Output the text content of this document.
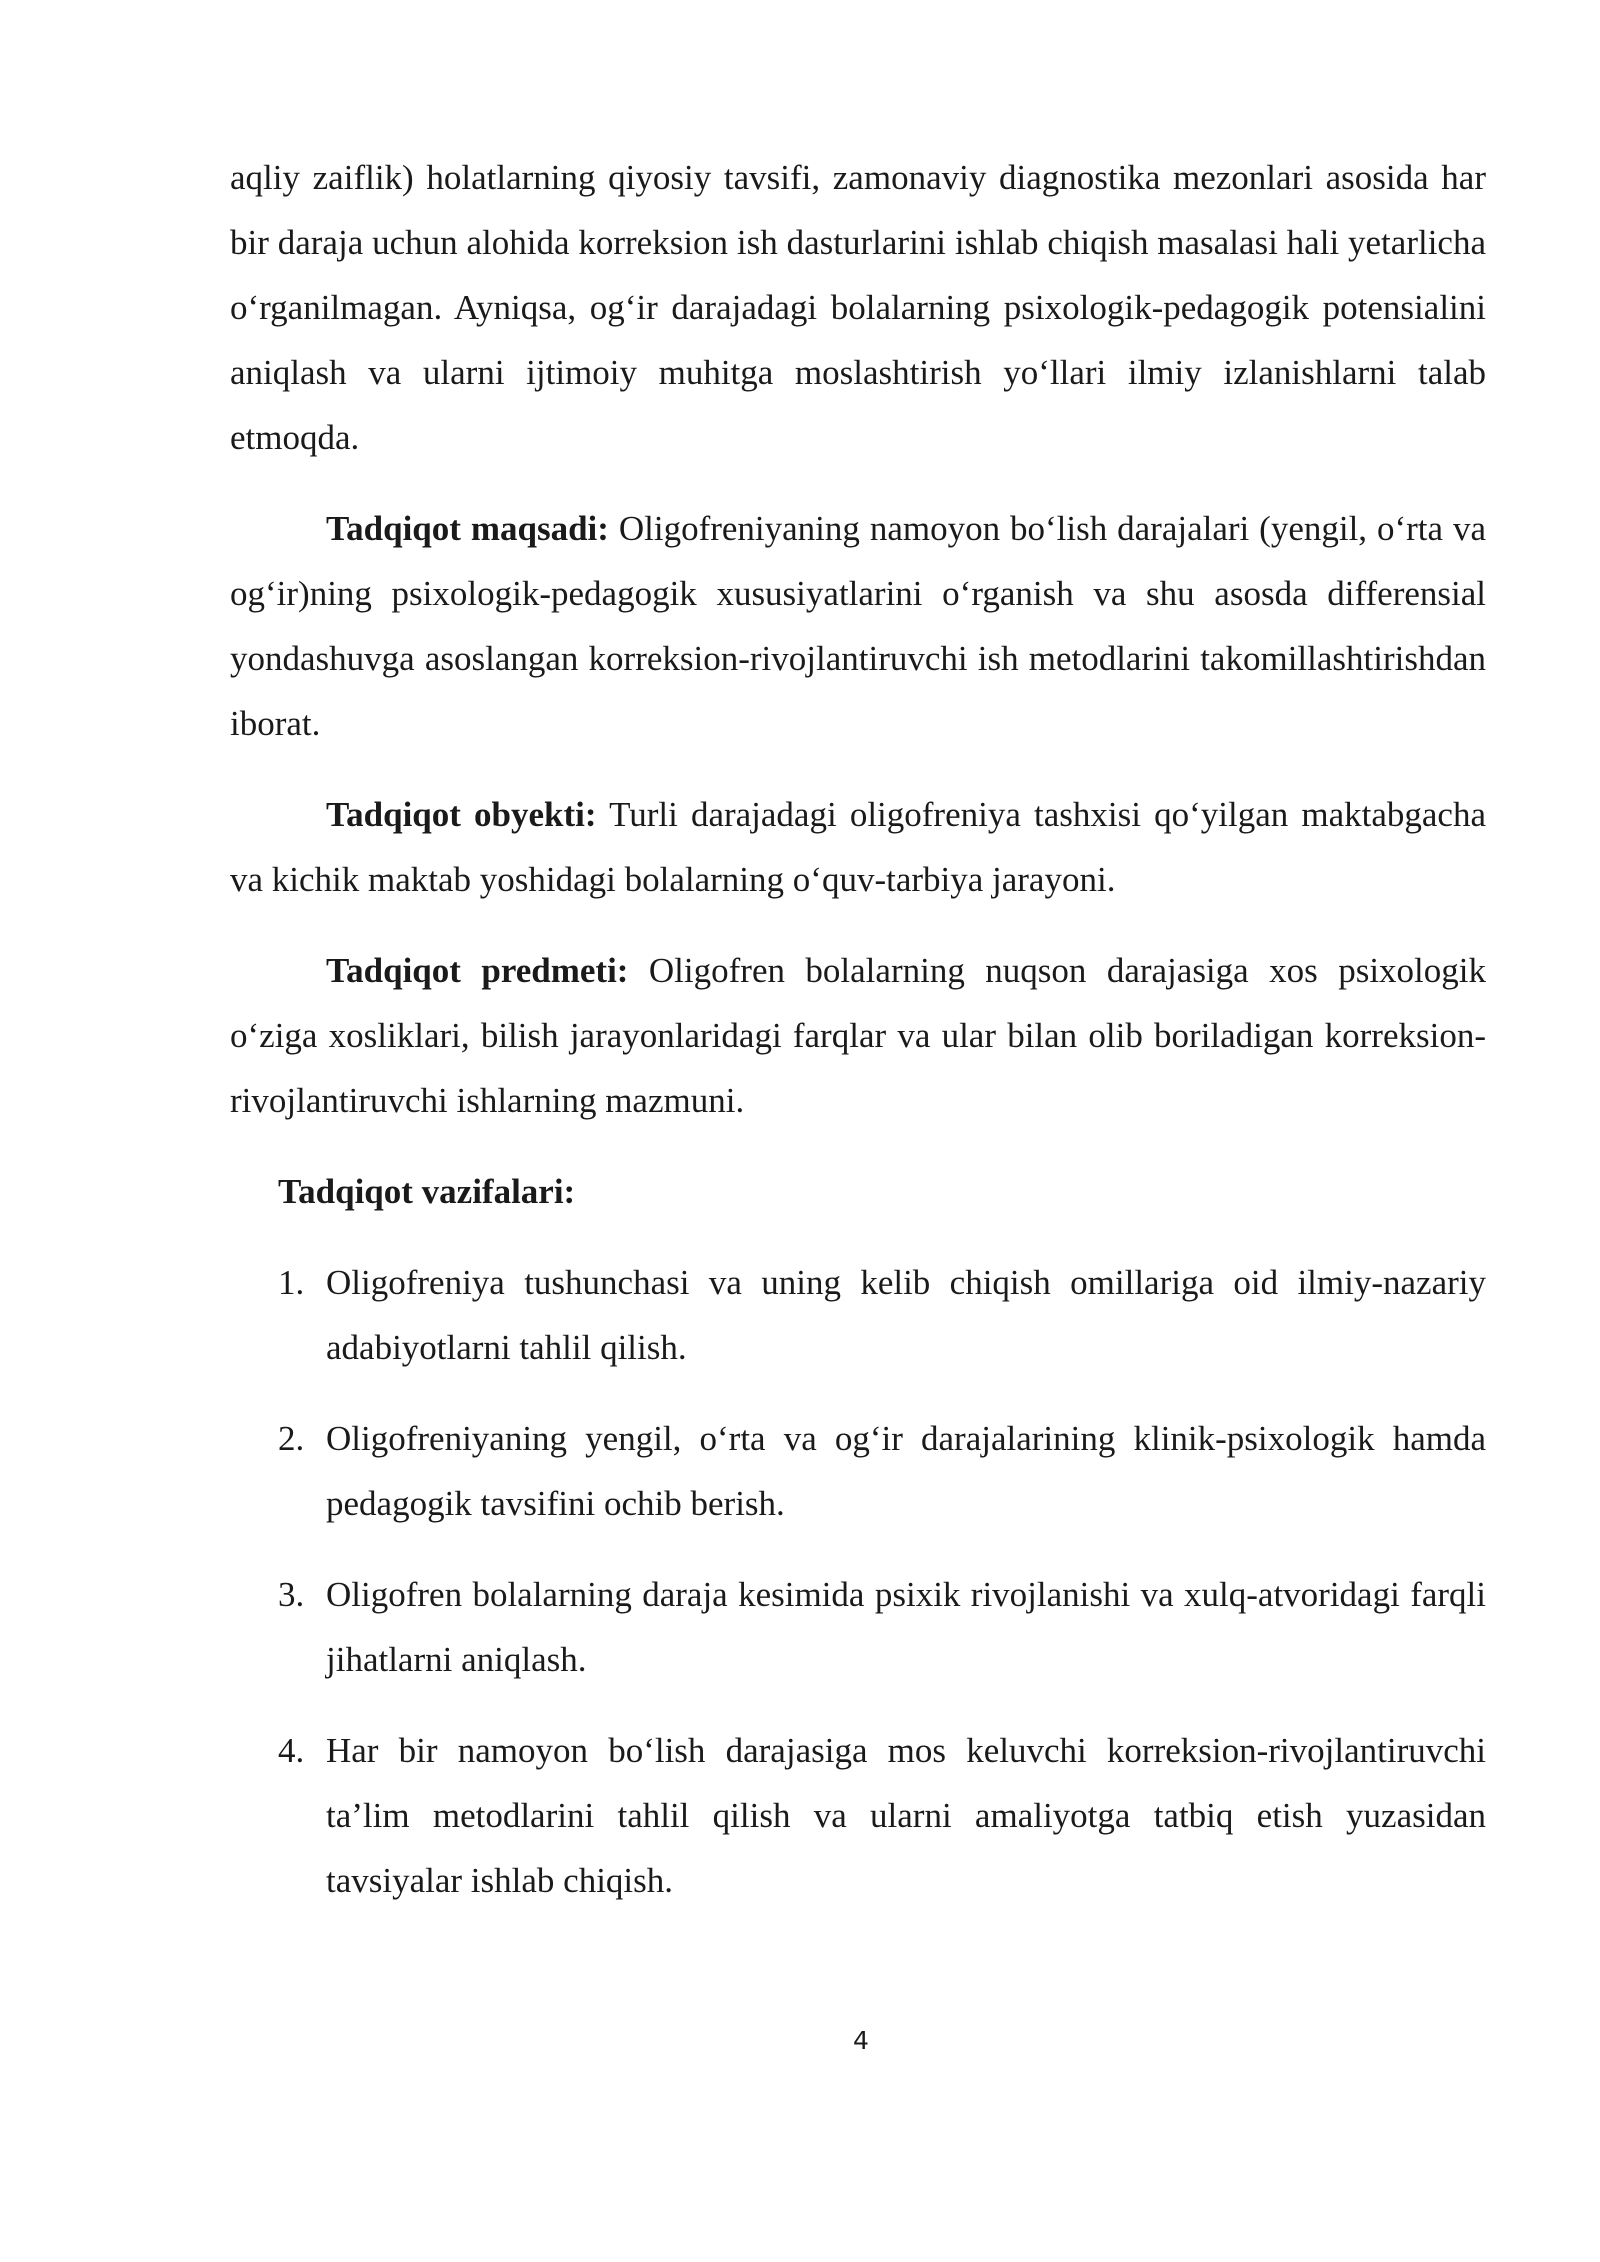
aqliy zaiflik) holatlarning qiyosiy tavsifi, zamonaviy diagnostika mezonlari asosida har bir daraja uchun alohida korreksion ish dasturlarini ishlab chiqish masalasi hali yetarlicha o‘rganilmagan. Ayniqsa, og‘ir darajadagi bolalarning psixologik-pedagogik potensialini aniqlash va ularni ijtimoiy muhitga moslashtirish yo‘llari ilmiy izlanishlarni talab etmoqda.

Tadqiqot maqsadi: Oligofreniyaning namoyon bo‘lish darajalari (yengil, o‘rta va og‘ir)ning psixologik-pedagogik xususiyatlarini o‘rganish va shu asosda differensial yondashuvga asoslangan korreksion-rivojlantiruvchi ish metodlarini takomillashtirishdan iborat.

Tadqiqot obyekti: Turli darajadagi oligofreniya tashxisi qo‘yilgan maktabgacha va kichik maktab yoshidagi bolalarning o‘quv-tarbiya jarayoni.

Tadqiqot predmeti: Oligofren bolalarning nuqson darajasiga xos psixologik o‘ziga xosliklari, bilish jarayonlaridagi farqlar va ular bilan olib boriladigan korreksion-rivojlantiruvchi ishlarning mazmuni.

Tadqiqot vazifalari:

1. Oligofreniya tushunchasi va uning kelib chiqish omillariga oid ilmiy-nazariy adabiyotlarni tahlil qilish.
2. Oligofreniyaning yengil, o‘rta va og‘ir darajalarining klinik-psixologik hamda pedagogik tavsifini ochib berish.
3. Oligofren bolalarning daraja kesimida psixik rivojlanishi va xulq-atvoridagi farqli jihatlarni aniqlash.
4. Har bir namoyon bo‘lish darajasiga mos keluvchi korreksion-rivojlantiruvchi ta’lim metodlarini tahlil qilish va ularni amaliyotga tatbiq etish yuzasidan tavsiyalar ishlab chiqish.
4
